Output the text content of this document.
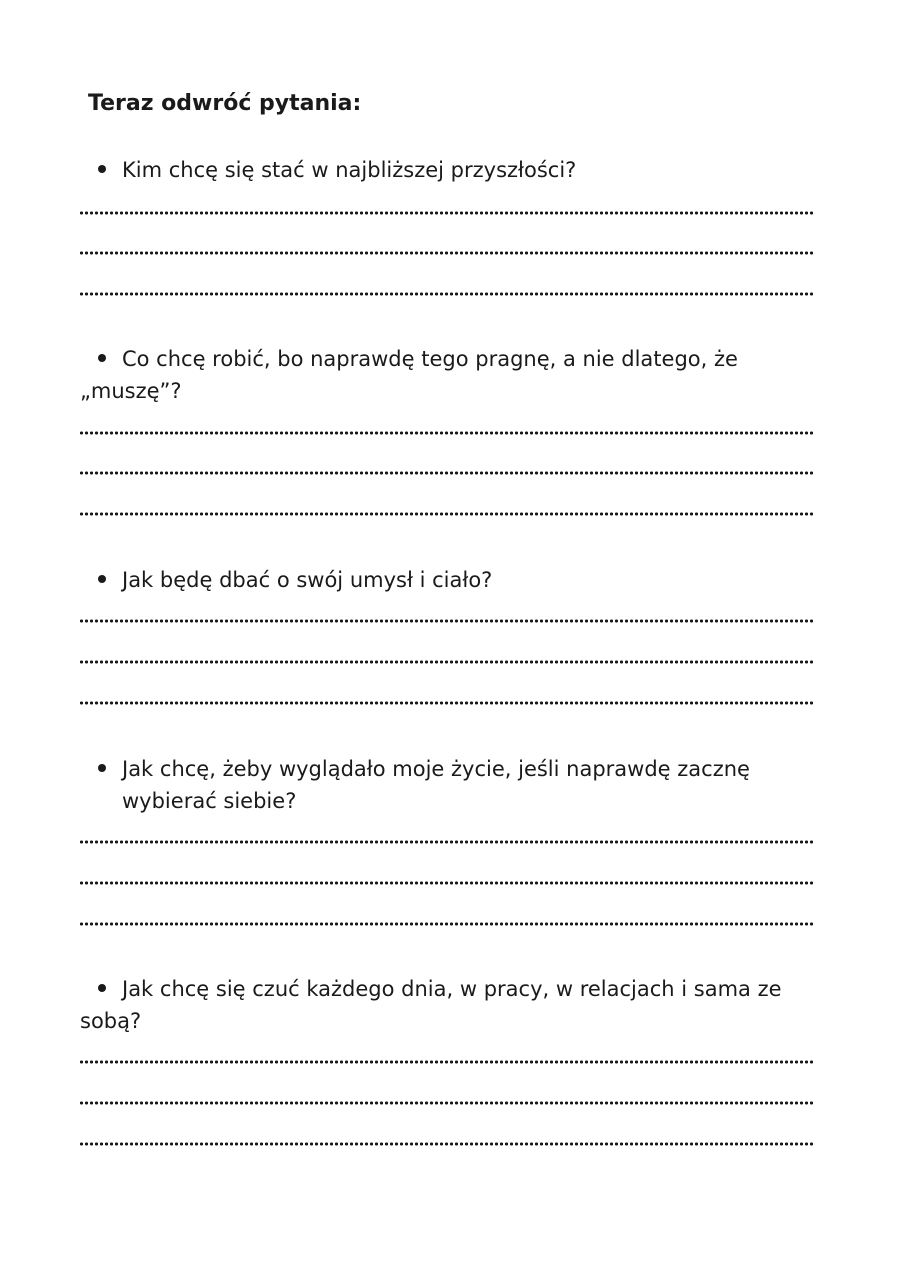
Teraz odwróć pytania:
Kim chcę się stać w najbliższej przyszłości?
Co chcę robić, bo naprawdę tego pragnę, a nie dlatego, że „muszę”?
Jak będę dbać o swój umysł i ciało?
Jak chcę, żeby wyglądało moje życie, jeśli naprawdę zacznę wybierać siebie?
Jak chcę się czuć każdego dnia, w pracy, w relacjach i sama ze sobą?
